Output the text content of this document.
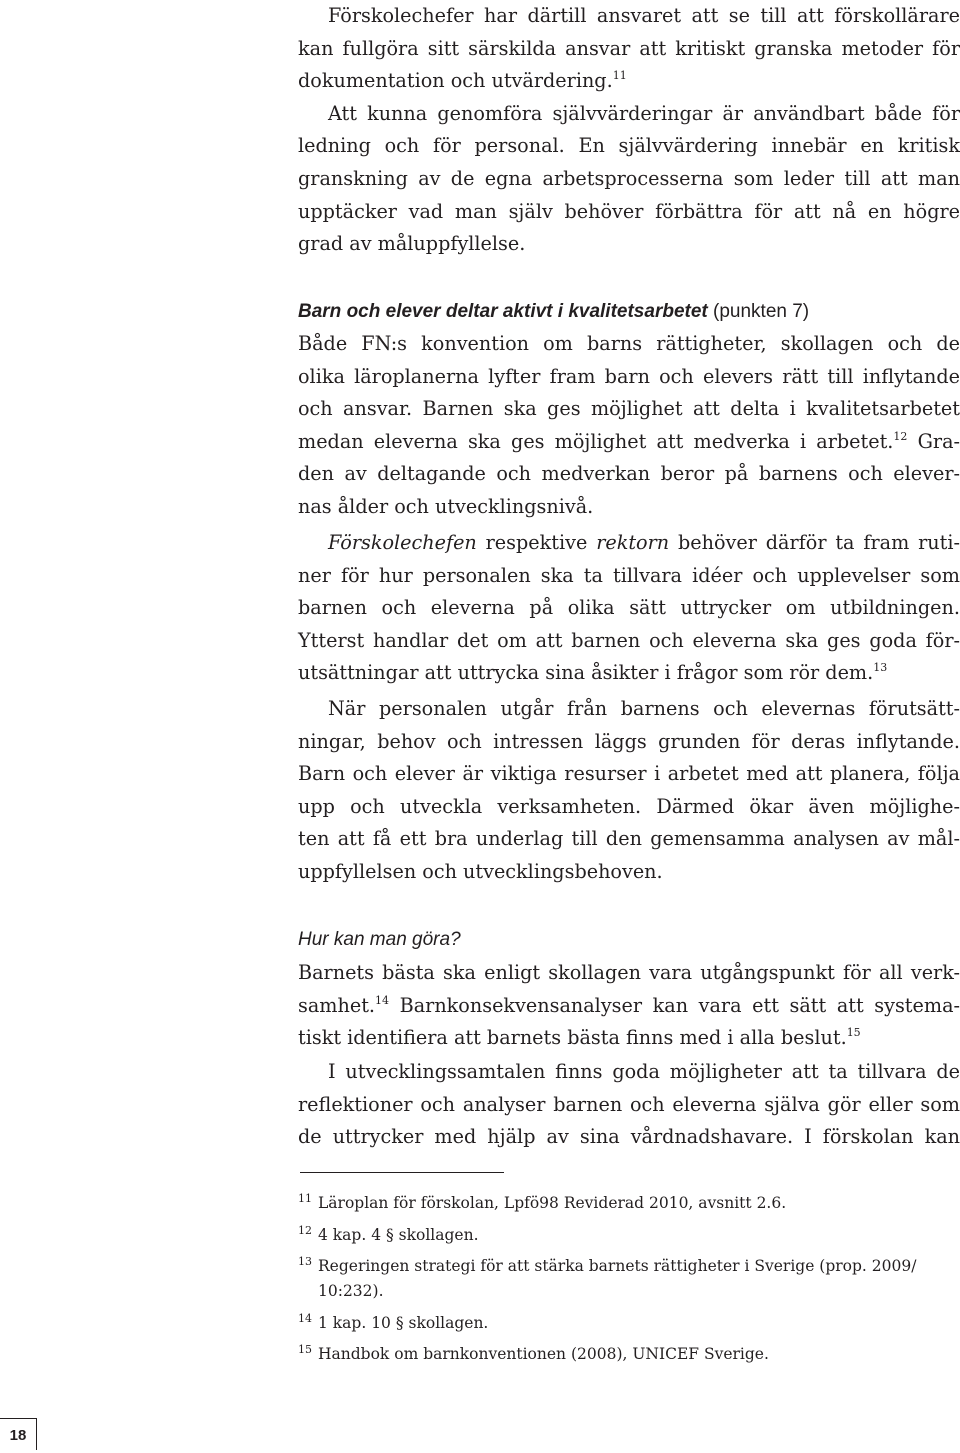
Förskolechefer har därtill ansvaret att se till att förskollärare
kan fullgöra sitt särskilda ansvar att kritiskt granska metoder för
dokumentation och utvärdering.$^{11}$
Att kunna genomföra självvärderingar är användbart både för
ledning och för personal. En självvärdering innebär en kritisk
granskning av de egna arbetsprocesserna som leder till att man
upptäcker vad man själv behöver förbättra för att nå en högre
grad av måluppfyllelse.

Barn och elever deltar aktivt i kvalitetsarbetet (punkten 7)

Både FN:s konvention om barns rättigheter, skollagen och de
olika läroplanerna lyfter fram barn och elevers rätt till inflytande
och ansvar. Barnen ska ges möjlighet att delta i kvalitetsarbetet
medan eleverna ska ges möjlighet att medverka i arbetet.$^{12}$ Gra-
den av deltagande och medverkan beror på barnens och elever-
nas ålder och utvecklingsnivå.

Förskolechefen respektive rektorn behöver därför ta fram ruti-
ner för hur personalen ska ta tillvara idéer och upplevelser som
barnen och eleverna på olika sätt uttrycker om utbildningen.
Ytterst handlar det om att barnen och eleverna ska ges goda för-
utsättningar att uttrycka sina åsikter i frågor som rör dem.$^{13}$

När personalen utgår från barnens och elevernas förutsätt-
ningar, behov och intressen läggs grunden för deras inflytande.
Barn och elever är viktiga resurser i arbetet med att planera, följa
upp och utveckla verksamheten. Därmed ökar även möjlighe-
ten att få ett bra underlag till den gemensamma analysen av mål-
uppfyllelsen och utvecklingsbehoven.

Hur kan man göra?

Barnets bästa ska enligt skollagen vara utgångspunkt för all verk-
samhet.$^{14}$ Barnkonsekvensanalyser kan vara ett sätt att systema-
tiskt identifiera att barnets bästa finns med i alla beslut.$^{15}$

I utvecklingssamtalen finns goda möjligheter att ta tillvara de
reflektioner och analyser barnen och eleverna själva gör eller som
de uttrycker med hjälp av sina vårdnadshavare. I förskolan kan

11 Läroplan för förskolan, Lpfö98 Reviderad 2010, avsnitt 2.6.
12 4 kap. 4 § skollagen.
13 Regeringen strategi för att stärka barnets rättigheter i Sverige (prop. 2009/
10:232).
14 1 kap. 10 § skollagen.
15 Handbok om barnkonventionen (2008), UNICEF Sverige.
18
